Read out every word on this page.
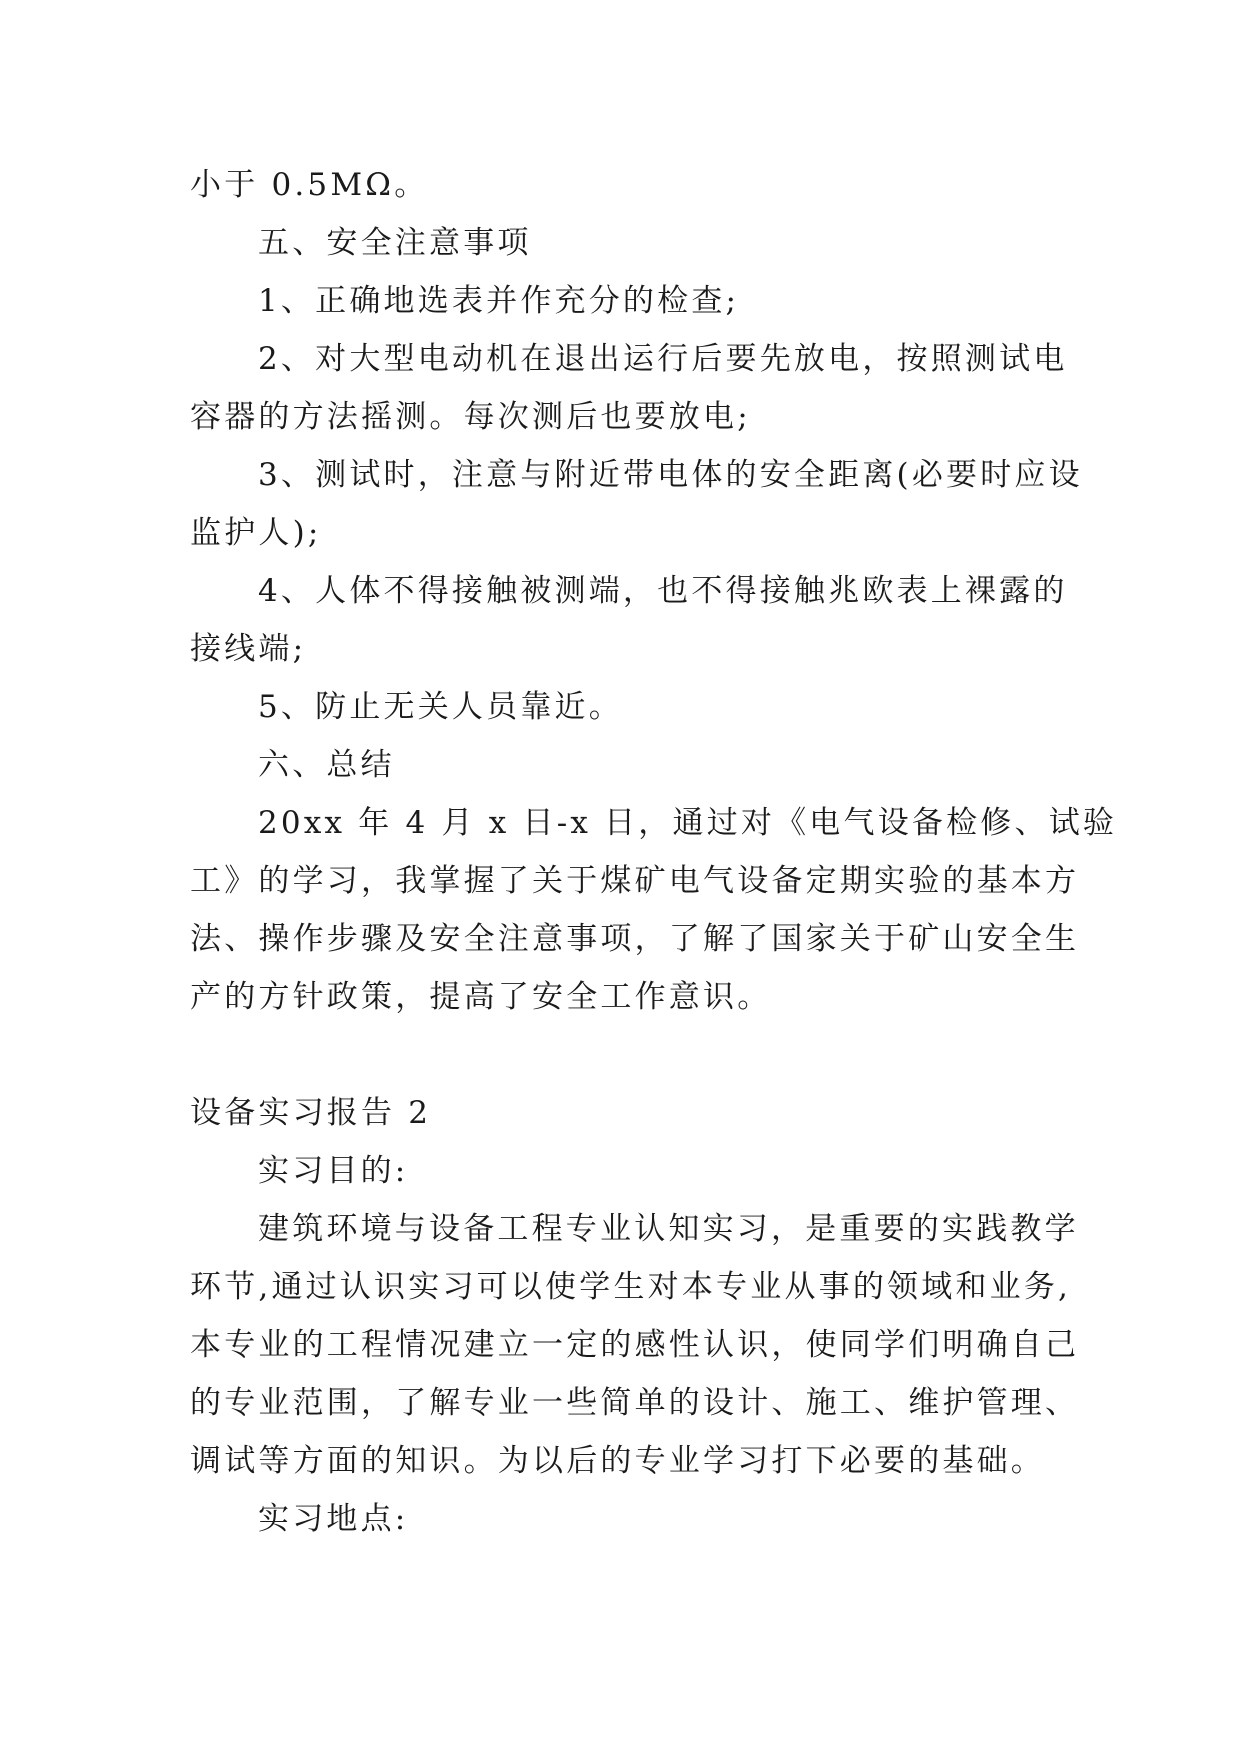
小于 0.5MΩ。
五、安全注意事项
1、正确地选表并作充分的检查;
2、对大型电动机在退出运行后要先放电，按照测试电
容器的方法摇测。每次测后也要放电;
3、测试时，注意与附近带电体的安全距离(必要时应设
监护人);
4、人体不得接触被测端，也不得接触兆欧表上裸露的
接线端;
5、防止无关人员靠近。
六、总结
20xx 年 4 月 x 日-x 日，通过对《电气设备检修、试验
工》的学习，我掌握了关于煤矿电气设备定期实验的基本方
法、操作步骤及安全注意事项，了解了国家关于矿山安全生
产的方针政策，提高了安全工作意识。
设备实习报告 2
实习目的:
建筑环境与设备工程专业认知实习，是重要的实践教学
环节,通过认识实习可以使学生对本专业从事的领域和业务,
本专业的工程情况建立一定的感性认识，使同学们明确自己
的专业范围，了解专业一些简单的设计、施工、维护管理、
调试等方面的知识。为以后的专业学习打下必要的基础。
实习地点:
